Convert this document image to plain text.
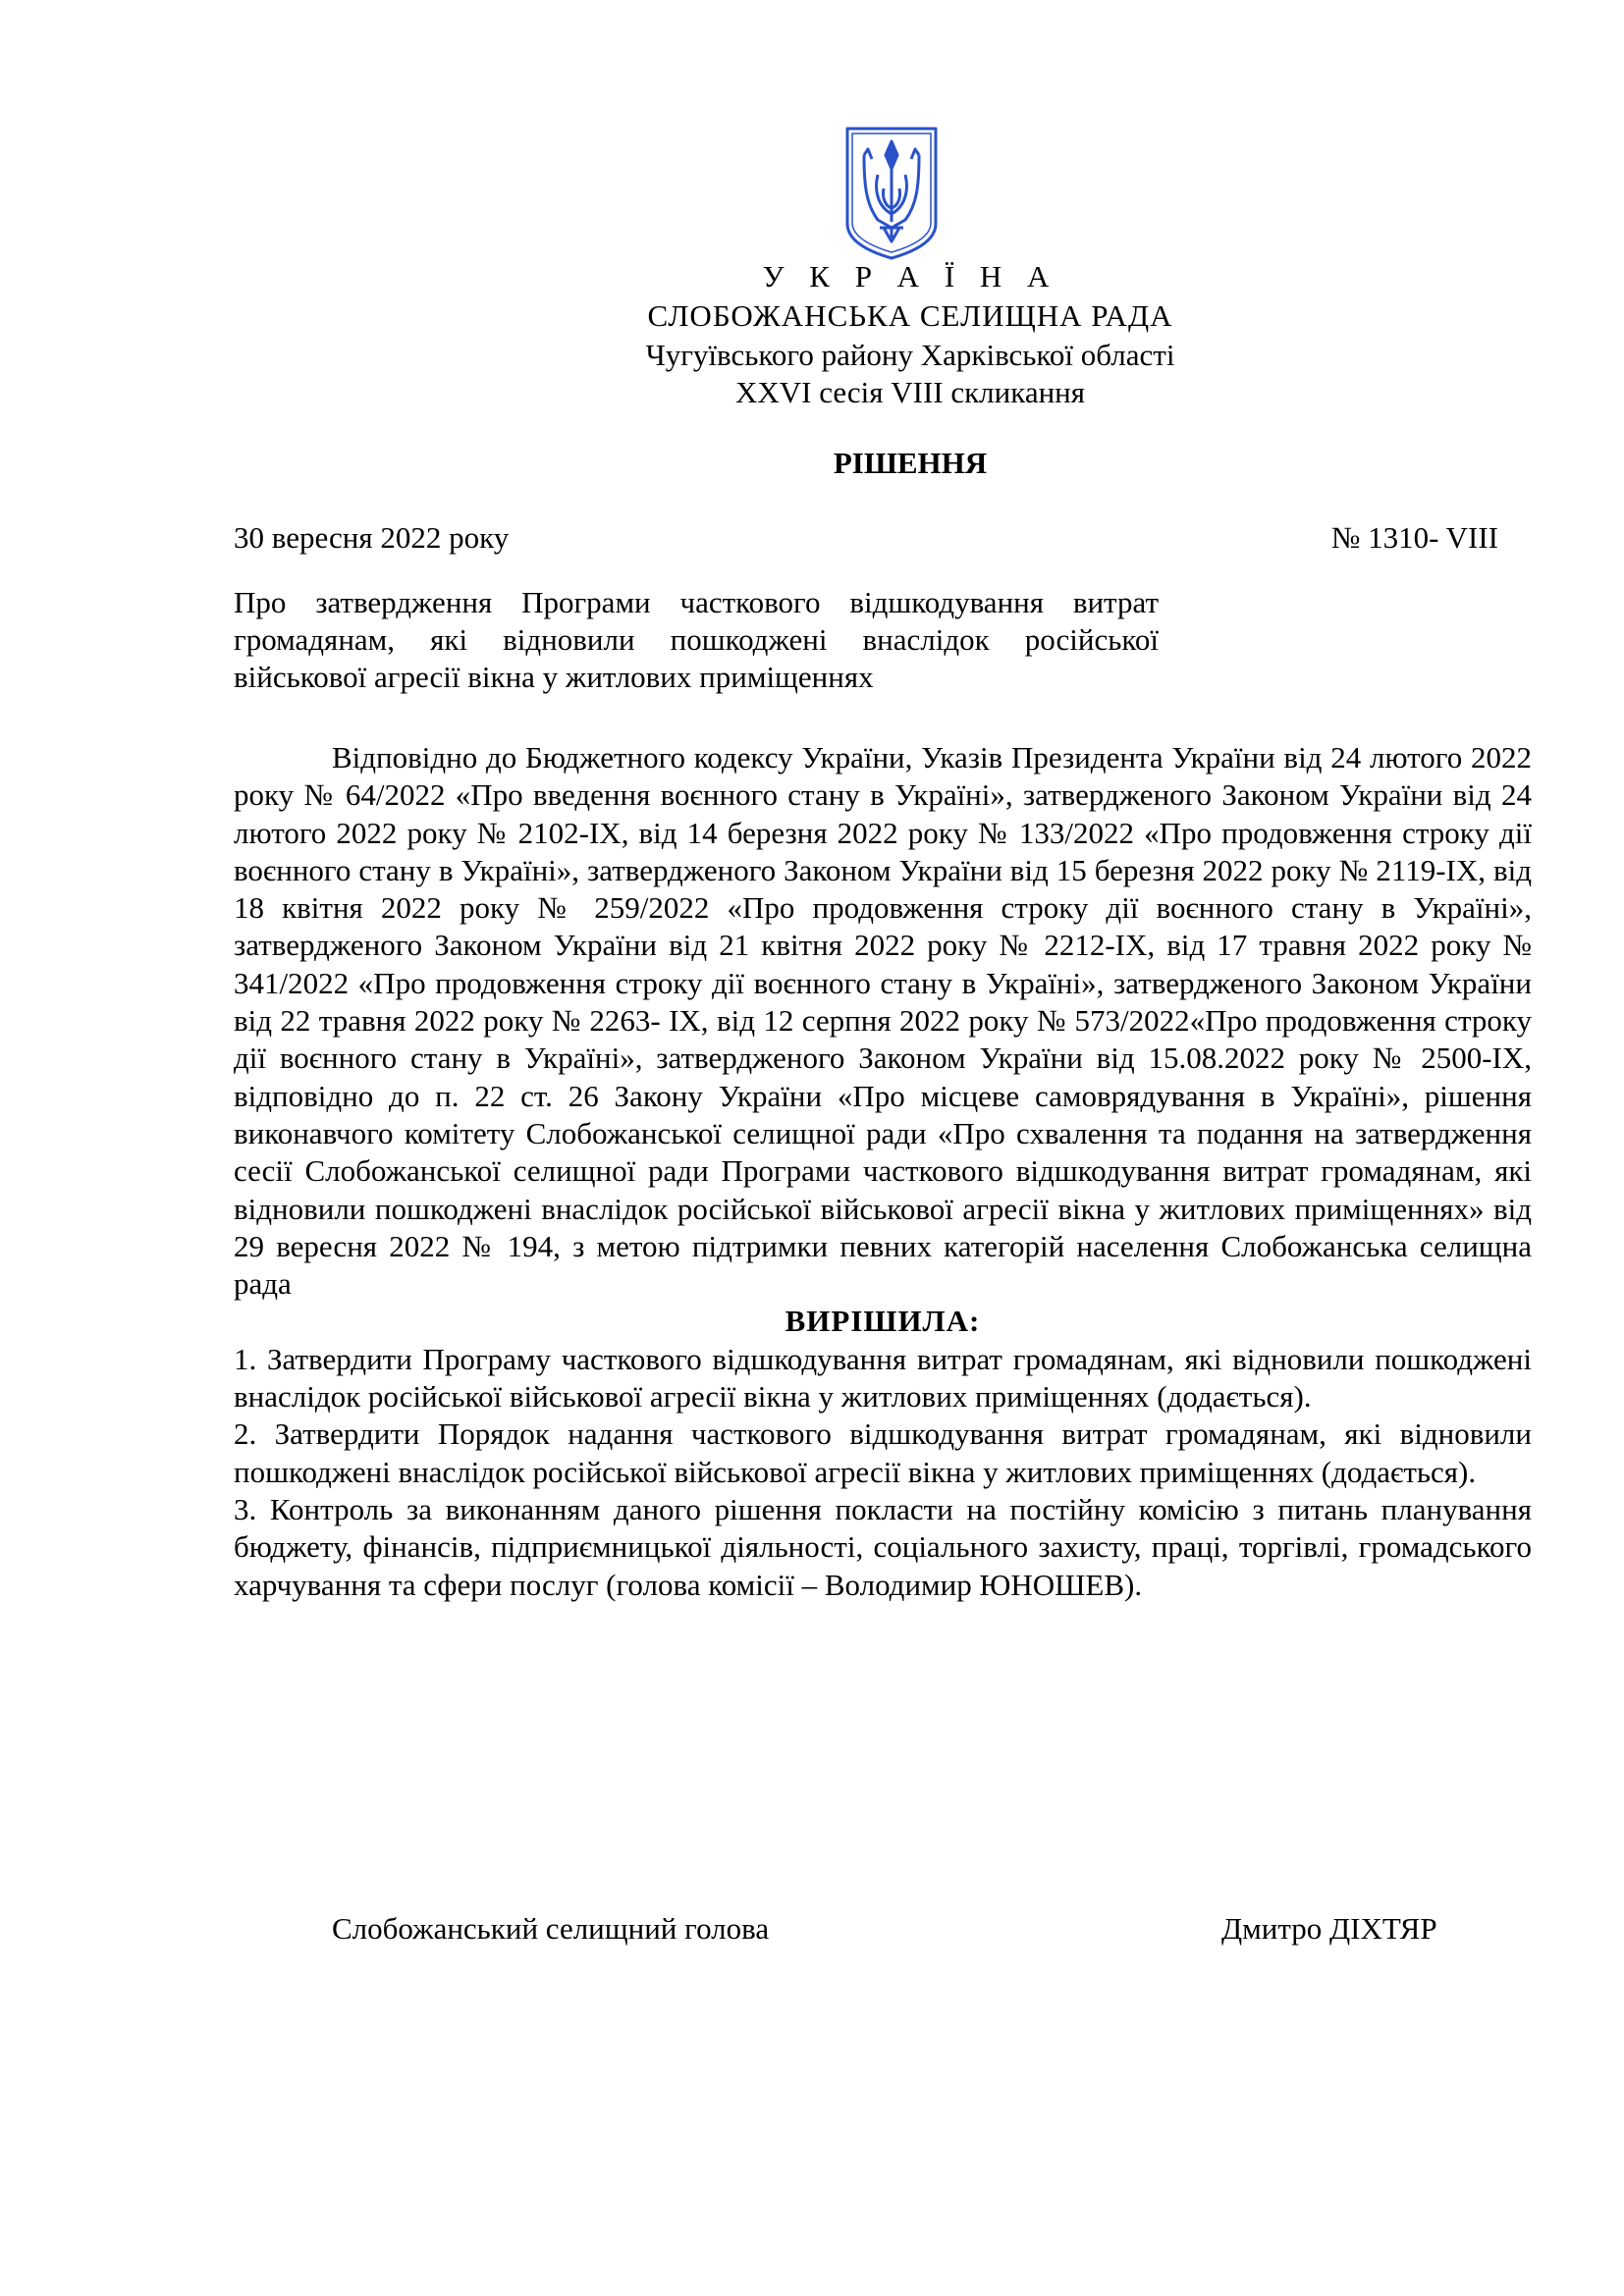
У К Р А Ї Н А
СЛОБОЖАНСЬКА СЕЛИЩНА РАДА
Чугуївського району Харківської області
XXVI сесія VIII скликання
РІШЕННЯ
30 вересня 2022 року	№ 1310- VIII
Про затвердження Програми часткового відшкодування витрат громадянам, які відновили пошкоджені внаслідок російської військової агресії вікна у житлових приміщеннях

Відповідно до Бюджетного кодексу України, Указів Президента України від 24 лютого 2022 року № 64/2022 «Про введення воєнного стану в Україні», затвердженого Законом України від 24 лютого 2022 року № 2102-IX, від 14 березня 2022 року № 133/2022 «Про продовження строку дії воєнного стану в Україні», затвердженого Законом України від 15 березня 2022 року № 2119-IX, від 18 квітня 2022 року № 259/2022 «Про продовження строку дії воєнного стану в Україні», затвердженого Законом України від 21 квітня 2022 року № 2212-IX, від 17 травня 2022 року № 341/2022 «Про продовження строку дії воєнного стану в Україні», затвердженого Законом України від 22 травня 2022 року № 2263- IX, від 12 серпня 2022 року № 573/2022«Про продовження строку дії воєнного стану в Україні», затвердженого Законом України від 15.08.2022 року № 2500-IX, відповідно до п. 22 ст. 26 Закону України «Про місцеве самоврядування в Україні», рішення виконавчого комітету Слобожанської селищної ради «Про схвалення та подання на затвердження сесії Слобожанської селищної ради Програми часткового відшкодування витрат громадянам, які відновили пошкоджені внаслідок російської військової агресії вікна у житлових приміщеннях» від 29 вересня 2022 № 194, з метою підтримки певних категорій населення Слобожанська селищна рада

ВИРІШИЛА:

1. Затвердити Програму часткового відшкодування витрат громадянам, які відновили пошкоджені внаслідок російської військової агресії вікна у житлових приміщеннях (додається).

2. Затвердити Порядок надання часткового відшкодування витрат громадянам, які відновили пошкоджені внаслідок російської військової агресії вікна у житлових приміщеннях (додається).

3. Контроль за виконанням даного рішення покласти на постійну комісію з питань планування бюджету, фінансів, підприємницької діяльності, соціального захисту, праці, торгівлі, громадського харчування та сфери послуг (голова комісії – Володимир ЮНОШЕВ).

Слобожанський селищний голова	Дмитро ДІХТЯР
